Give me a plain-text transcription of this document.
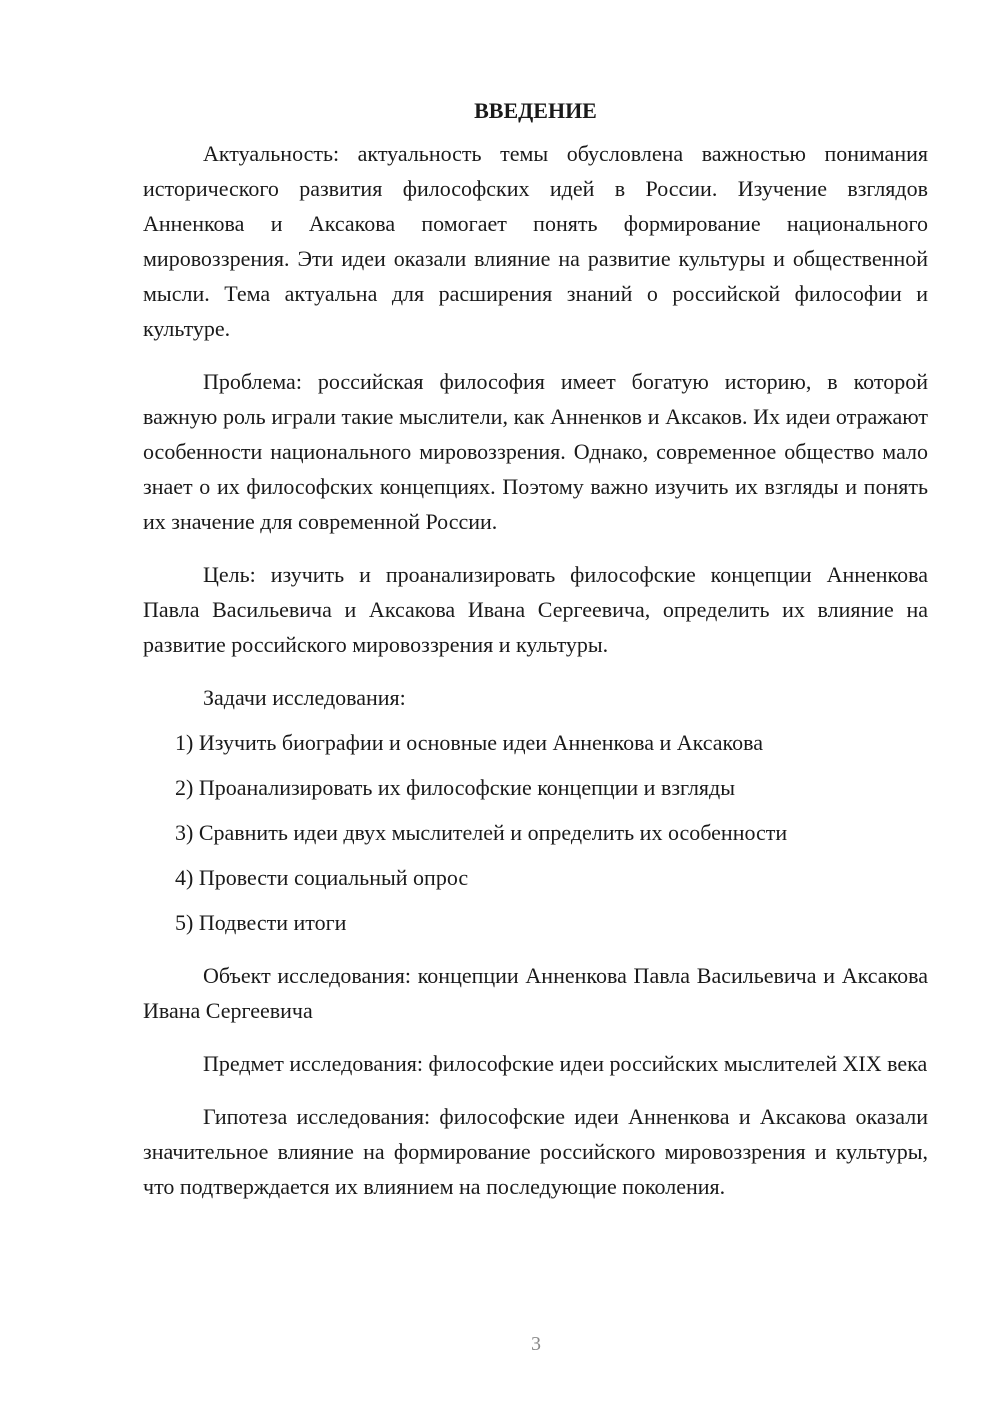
ВВЕДЕНИЕ

Актуальность: актуальность темы обусловлена важностью понимания исторического развития философских идей в России. Изучение взглядов Анненкова и Аксакова помогает понять формирование национального мировоззрения. Эти идеи оказали влияние на развитие культуры и общественной мысли. Тема актуальна для расширения знаний о российской философии и культуре.

Проблема: российская философия имеет богатую историю, в которой важную роль играли такие мыслители, как Анненков и Аксаков. Их идеи отражают особенности национального мировоззрения. Однако, современное общество мало знает о их философских концепциях. Поэтому важно изучить их взгляды и понять их значение для современной России.

Цель: изучить и проанализировать философские концепции Анненкова Павла Васильевича и Аксакова Ивана Сергеевича, определить их влияние на развитие российского мировоззрения и культуры.

Задачи исследования:

1) Изучить биографии и основные идеи Анненкова и Аксакова

2) Проанализировать их философские концепции и взгляды

3) Сравнить идеи двух мыслителей и определить их особенности

4) Провести социальный опрос

5) Подвести итоги

Объект исследования: концепции Анненкова Павла Васильевича и Аксакова Ивана Сергеевича

Предмет исследования: философские идеи российских мыслителей XIX века

Гипотеза исследования: философские идеи Анненкова и Аксакова оказали значительное влияние на формирование российского мировоззрения и культуры, что подтверждается их влиянием на последующие поколения.

3
